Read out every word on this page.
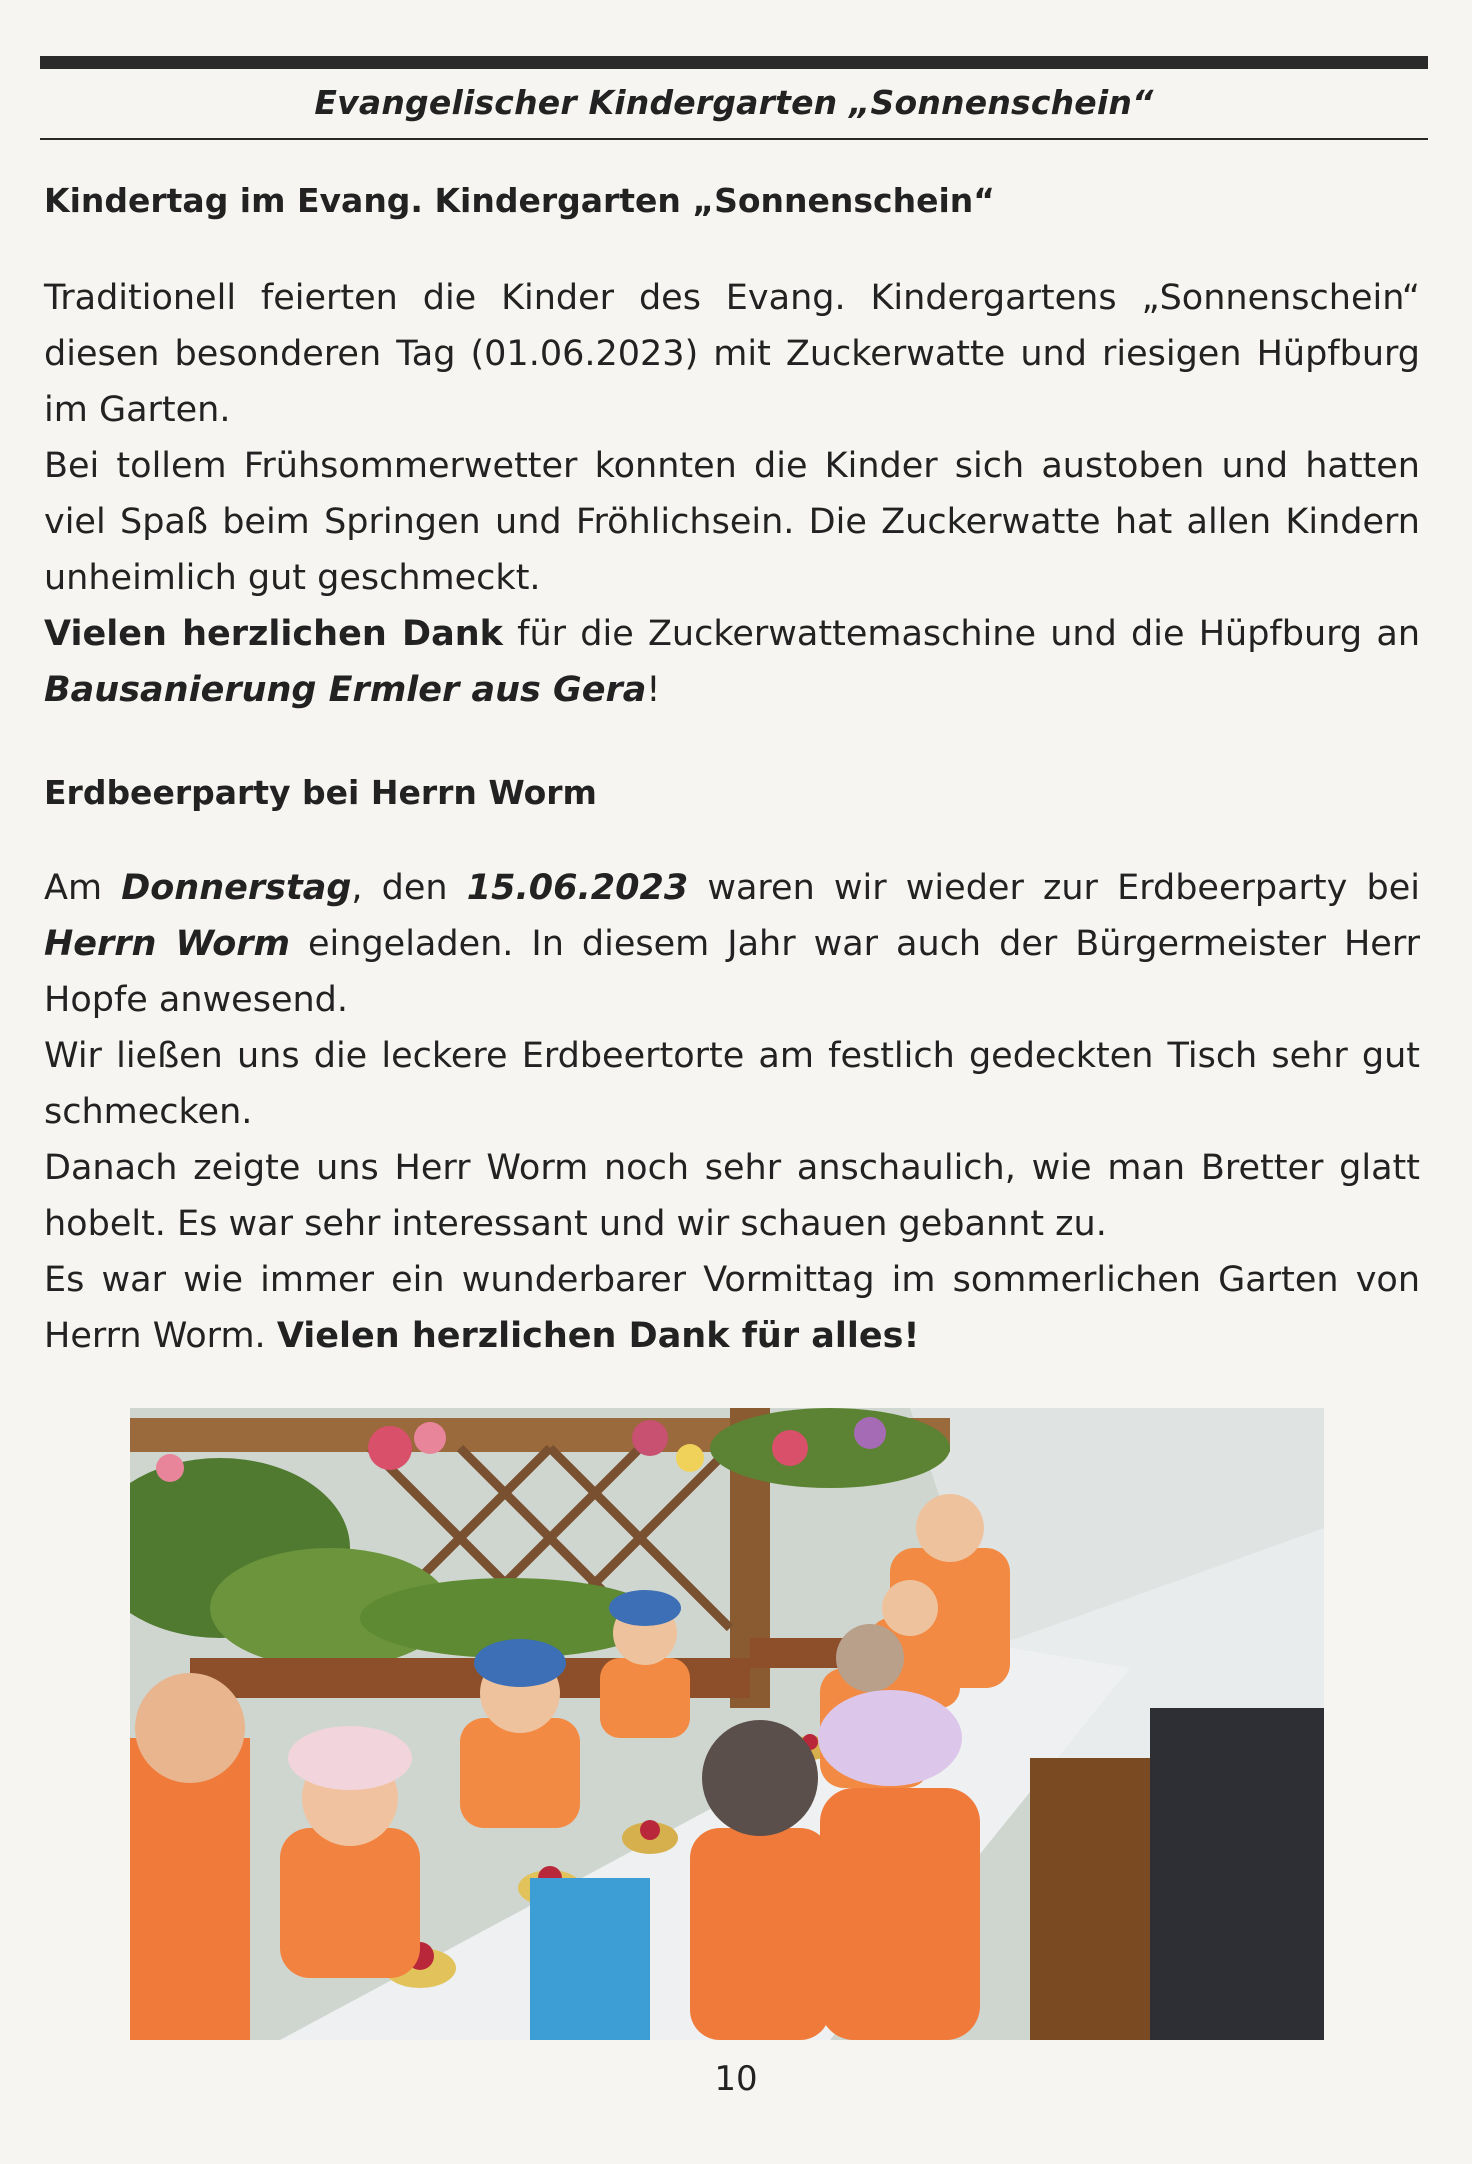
Evangelischer Kindergarten „Sonnenschein“
Kindertag im Evang. Kindergarten „Sonnenschein“

Traditionell feierten die Kinder des Evang. Kindergartens „Sonnenschein“ diesen besonderen Tag (01.06.2023) mit Zuckerwatte und riesigen Hüpfburg im Garten.

Bei tollem Frühsommerwetter konnten die Kinder sich austoben und hatten viel Spaß beim Springen und Fröhlichsein. Die Zuckerwatte hat allen Kindern unheimlich gut geschmeckt.

Vielen herzlichen Dank für die Zuckerwattemaschine und die Hüpfburg an Bausanierung Ermler aus Gera!

Erdbeerparty bei Herrn Worm

Am Donnerstag, den 15.06.2023 waren wir wieder zur Erdbeerparty bei Herrn Worm eingeladen. In diesem Jahr war auch der Bürgermeister Herr Hopfe anwesend.

Wir ließen uns die leckere Erdbeertorte am festlich gedeckten Tisch sehr gut schmecken.

Danach zeigte uns Herr Worm noch sehr anschaulich, wie man Bretter glatt hobelt. Es war sehr interessant und wir schauen gebannt zu.

Es war wie immer ein wunderbarer Vormittag im sommerlichen Garten von Herrn Worm. Vielen herzlichen Dank für alles!

10
